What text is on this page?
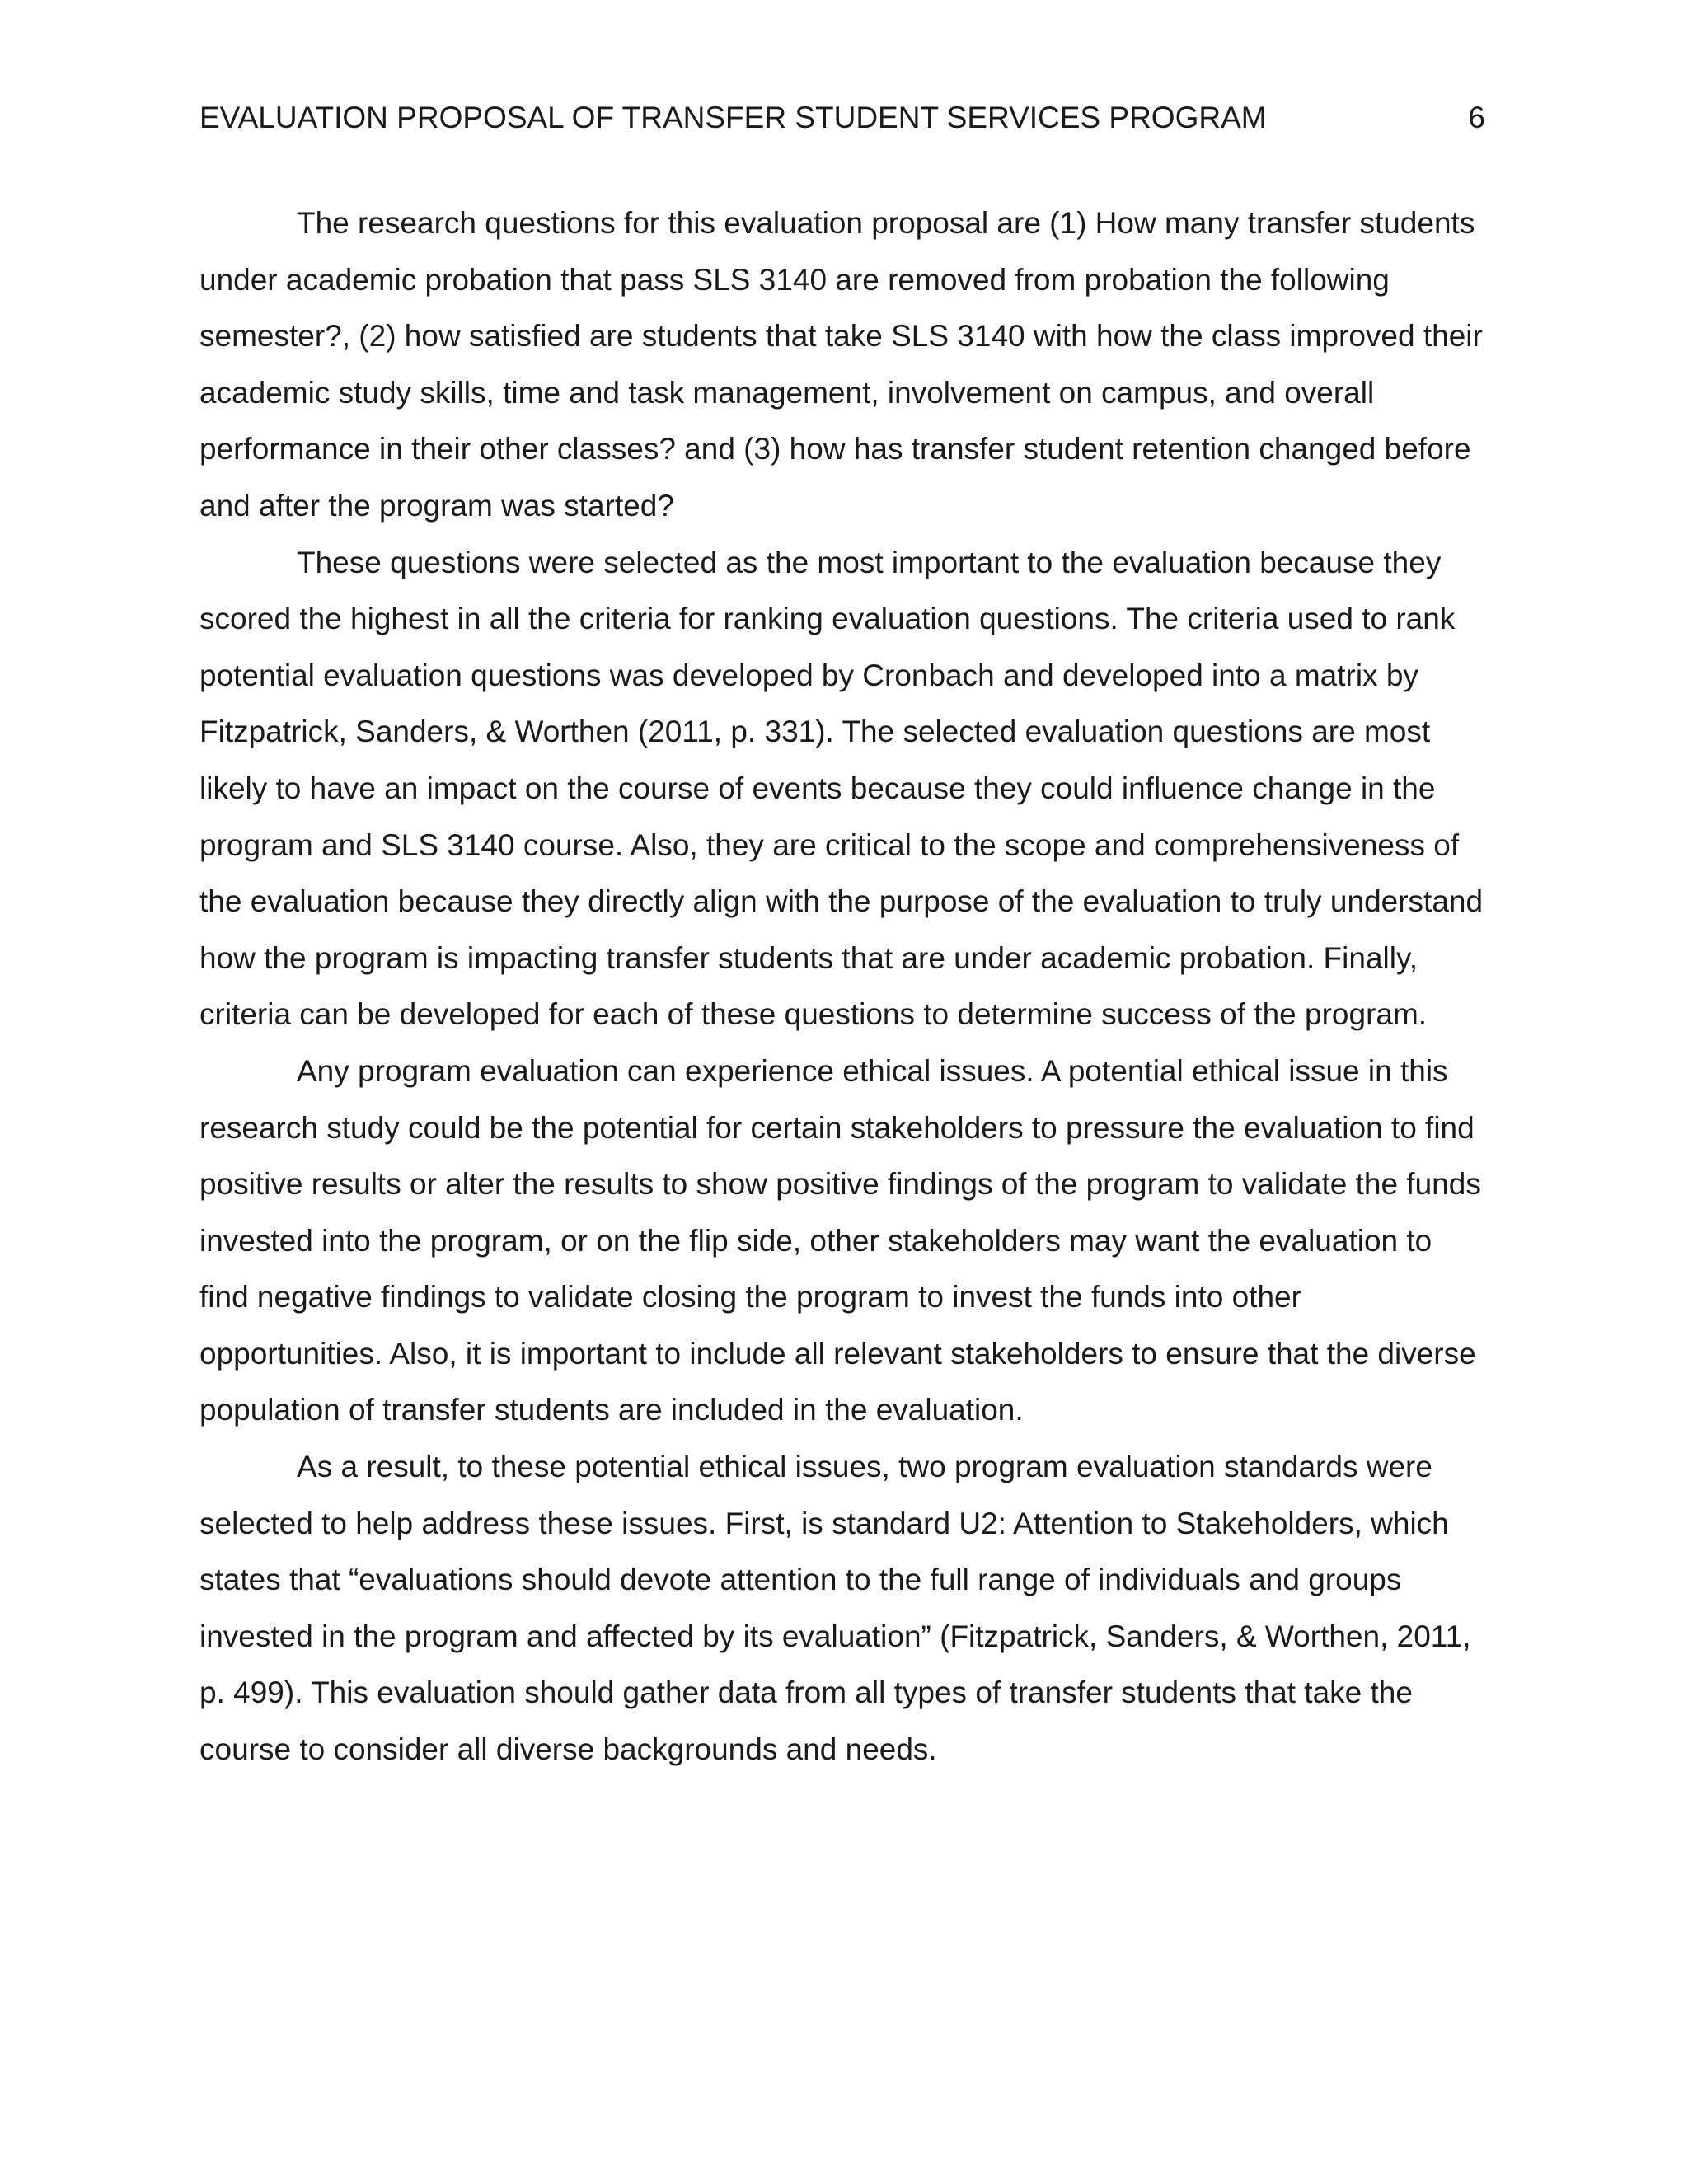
EVALUATION PROPOSAL OF TRANSFER STUDENT SERVICES PROGRAM	6

The research questions for this evaluation proposal are (1) How many transfer students under academic probation that pass SLS 3140 are removed from probation the following semester?, (2) how satisfied are students that take SLS 3140 with how the class improved their academic study skills, time and task management, involvement on campus, and overall performance in their other classes? and (3) how has transfer student retention changed before and after the program was started?

These questions were selected as the most important to the evaluation because they scored the highest in all the criteria for ranking evaluation questions. The criteria used to rank potential evaluation questions was developed by Cronbach and developed into a matrix by Fitzpatrick, Sanders, & Worthen (2011, p. 331). The selected evaluation questions are most likely to have an impact on the course of events because they could influence change in the program and SLS 3140 course. Also, they are critical to the scope and comprehensiveness of the evaluation because they directly align with the purpose of the evaluation to truly understand how the program is impacting transfer students that are under academic probation. Finally, criteria can be developed for each of these questions to determine success of the program.

Any program evaluation can experience ethical issues. A potential ethical issue in this research study could be the potential for certain stakeholders to pressure the evaluation to find positive results or alter the results to show positive findings of the program to validate the funds invested into the program, or on the flip side, other stakeholders may want the evaluation to find negative findings to validate closing the program to invest the funds into other opportunities. Also, it is important to include all relevant stakeholders to ensure that the diverse population of transfer students are included in the evaluation.

As a result, to these potential ethical issues, two program evaluation standards were selected to help address these issues. First, is standard U2: Attention to Stakeholders, which states that “evaluations should devote attention to the full range of individuals and groups invested in the program and affected by its evaluation” (Fitzpatrick, Sanders, & Worthen, 2011, p. 499). This evaluation should gather data from all types of transfer students that take the course to consider all diverse backgrounds and needs.
